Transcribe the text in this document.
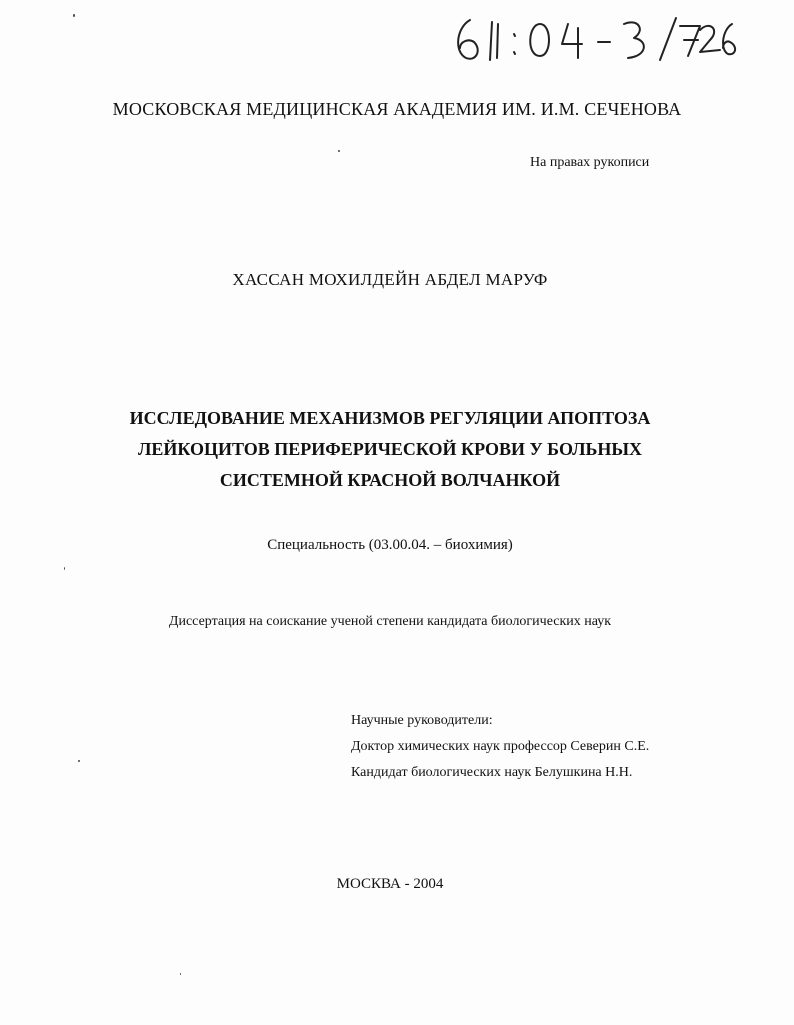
МОСКОВСКАЯ МЕДИЦИНСКАЯ АКАДЕМИЯ ИМ. И.М. СЕЧЕНОВА
На правах рукописи
ХАССАН МОХИЛДЕЙН АБДЕЛ МАРУФ
ИССЛЕДОВАНИЕ МЕХАНИЗМОВ РЕГУЛЯЦИИ АПОПТОЗА
ЛЕЙКОЦИТОВ ПЕРИФЕРИЧЕСКОЙ КРОВИ У БОЛЬНЫХ
СИСТЕМНОЙ КРАСНОЙ ВОЛЧАНКОЙ
Специальность (03.00.04. – биохимия)
Диссертация на соискание ученой степени кандидата биологических наук
Научные руководители:
Доктор химических наук профессор Северин С.Е.
Кандидат биологических наук Белушкина Н.Н.
МОСКВА - 2004
